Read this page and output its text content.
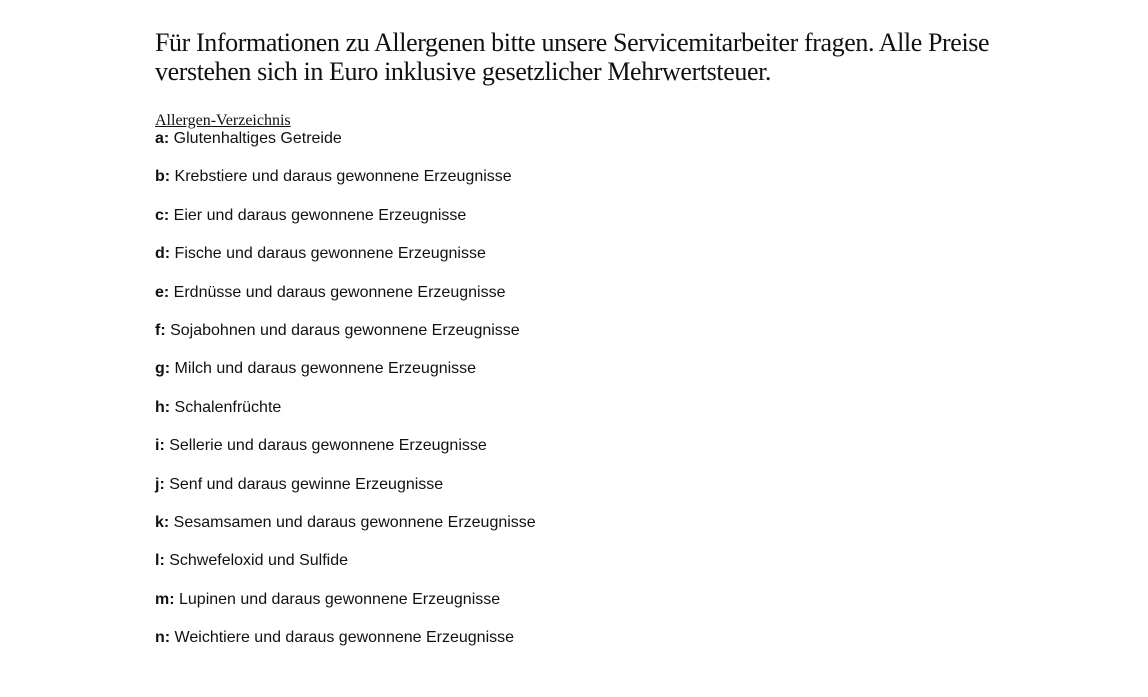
Für Informationen zu Allergenen bitte unsere Servicemitarbeiter fragen. Alle Preise
verstehen sich in Euro inklusive gesetzlicher Mehrwertsteuer.

Allergen-Verzeichnis
a: Glutenhaltiges Getreide
b: Krebstiere und daraus gewonnene Erzeugnisse
c: Eier und daraus gewonnene Erzeugnisse
d: Fische und daraus gewonnene Erzeugnisse
e: Erdnüsse und daraus gewonnene Erzeugnisse
f: Sojabohnen und daraus gewonnene Erzeugnisse
g: Milch und daraus gewonnene Erzeugnisse
h: Schalenfrüchte
i: Sellerie und daraus gewonnene Erzeugnisse
j: Senf und daraus gewinne Erzeugnisse
k: Sesamsamen und daraus gewonnene Erzeugnisse
l: Schwefeloxid und Sulfide
m: Lupinen und daraus gewonnene Erzeugnisse
n: Weichtiere und daraus gewonnene Erzeugnisse
